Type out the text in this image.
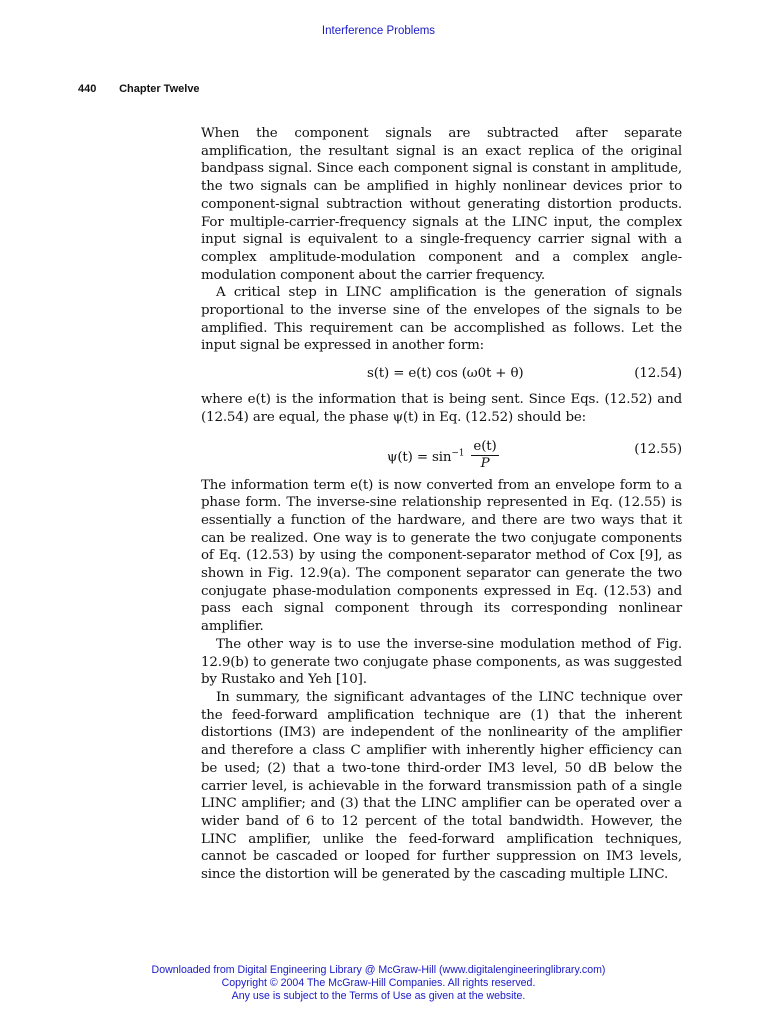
Interference Problems
440 Chapter Twelve

When the component signals are subtracted after separate amplification, the resultant signal is an exact replica of the original bandpass signal. Since each component signal is constant in amplitude, the two signals can be amplified in highly nonlinear devices prior to component-signal subtraction without generating distortion products. For multiple-carrier-frequency signals at the LINC input, the complex input signal is equivalent to a single-frequency carrier signal with a complex amplitude-modulation component and a complex angle-modulation component about the carrier frequency.

A critical step in LINC amplification is the generation of signals proportional to the inverse sine of the envelopes of the signals to be amplified. This requirement can be accomplished as follows. Let the input signal be expressed in another form:

s(t) = e(t) cos (ω0t + θ)	(12.54)

where e(t) is the information that is being sent. Since Eqs. (12.52) and (12.54) are equal, the phase ψ(t) in Eq. (12.52) should be:

$\psi(t) = \sin^{-1} \frac{e(t)}{P}$	(12.55)

The information term e(t) is now converted from an envelope form to a phase form. The inverse-sine relationship represented in Eq. (12.55) is essentially a function of the hardware, and there are two ways that it can be realized. One way is to generate the two conjugate components of Eq. (12.53) by using the component-separator method of Cox [9], as shown in Fig. 12.9(a). The component separator can generate the two conjugate phase-modulation components expressed in Eq. (12.53) and pass each signal component through its corresponding nonlinear amplifier.

The other way is to use the inverse-sine modulation method of Fig. 12.9(b) to generate two conjugate phase components, as was suggested by Rustako and Yeh [10].

In summary, the significant advantages of the LINC technique over the feed-forward amplification technique are (1) that the inherent distortions (IM3) are independent of the nonlinearity of the amplifier and therefore a class C amplifier with inherently higher efficiency can be used; (2) that a two-tone third-order IM3 level, 50 dB below the carrier level, is achievable in the forward transmission path of a single LINC amplifier; and (3) that the LINC amplifier can be operated over a wider band of 6 to 12 percent of the total bandwidth. However, the LINC amplifier, unlike the feed-forward amplification techniques, cannot be cascaded or looped for further suppression on IM3 levels, since the distortion will be generated by the cascading multiple LINC.

Downloaded from Digital Engineering Library @ McGraw-Hill (www.digitalengineeringlibrary.com)
Copyright © 2004 The McGraw-Hill Companies. All rights reserved.
Any use is subject to the Terms of Use as given at the website.
